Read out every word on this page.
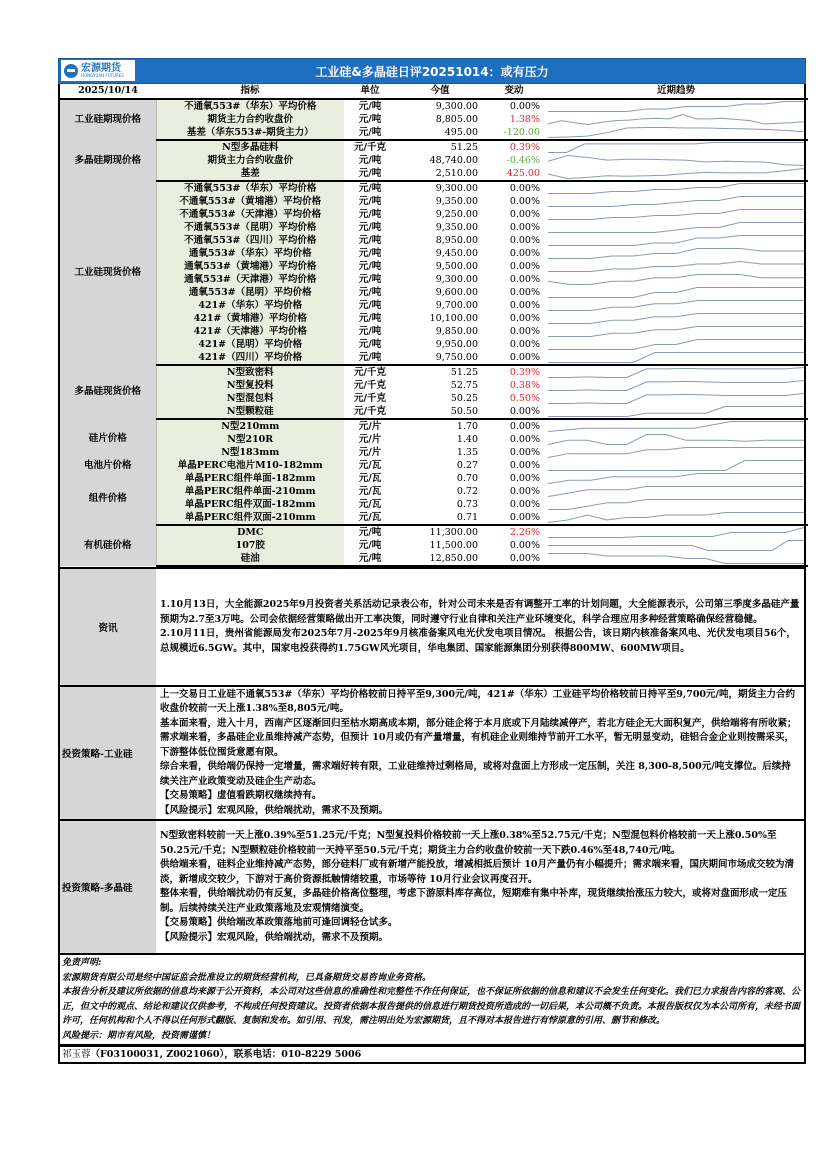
宏源期货
HONGYUAN FUTURES	工业硅&多晶硅日评20251014：或有压力
2025/10/14	指标	单位	今值	变动	近期趋势
工业硅期现价格	不通氧553#（华东）平均价格	元/吨	9,300.00	0.00%	

	期货主力合约收盘价	元/吨	8,805.00	1.38%	

	基差（华东553#-期货主力）	元/吨	495.00	-120.00	

多晶硅期现价格	N型多晶硅料	元/千克	51.25	0.39%	

	期货主力合约收盘价	元/吨	48,740.00	-0.46%	

	基差	元/吨	2,510.00	425.00	

工业硅现货价格	不通氧553#（华东）平均价格	元/吨	9,300.00	0.00%	

	不通氧553#（黄埔港）平均价格	元/吨	9,350.00	0.00%	

	不通氧553#（天津港）平均价格	元/吨	9,250.00	0.00%	

	不通氧553#（昆明）平均价格	元/吨	9,350.00	0.00%	

	不通氧553#（四川）平均价格	元/吨	8,950.00	0.00%	

	通氧553#（华东）平均价格	元/吨	9,450.00	0.00%	

	通氧553#（黄埔港）平均价格	元/吨	9,500.00	0.00%	

	通氧553#（天津港）平均价格	元/吨	9,300.00	0.00%	

	通氧553#（昆明）平均价格	元/吨	9,600.00	0.00%	

	421#（华东）平均价格	元/吨	9,700.00	0.00%	

	421#（黄埔港）平均价格	元/吨	10,100.00	0.00%	

	421#（天津港）平均价格	元/吨	9,850.00	0.00%	

	421#（昆明）平均价格	元/吨	9,950.00	0.00%	

	421#（四川）平均价格	元/吨	9,750.00	0.00%	

多晶硅现货价格	N型致密料	元/千克	51.25	0.39%	

	N型复投料	元/千克	52.75	0.38%	

	N型混包料	元/千克	50.25	0.50%	

	N型颗粒硅	元/千克	50.50	0.00%	

硅片价格	N型210mm	元/片	1.70	0.00%	

	N型210R	元/片	1.40	0.00%	

	N型183mm	元/片	1.35	0.00%	

电池片价格	单晶PERC电池片M10-182mm	元/瓦	0.27	0.00%	

组件价格	单晶PERC组件单面-182mm	元/瓦	0.70	0.00%	

	单晶PERC组件单面-210mm	元/瓦	0.72	0.00%	

	单晶PERC组件双面-182mm	元/瓦	0.73	0.00%	

	单晶PERC组件双面-210mm	元/瓦	0.71	0.00%	

有机硅价格	DMC	元/吨	11,300.00	2.26%	

	107胶	元/吨	11,500.00	0.00%	

	硅油	元/吨	12,850.00	0.00%	
资讯

1.10月13日，大全能源2025年9月投资者关系活动记录表公布，针对公司未来是否有调整开工率的计划问题，大全能源表示，公司第三季度多晶硅产量预期为2.7至3万吨。公司会依据经营策略做出开工率决策，同时遵守行业自律和关注产业环境变化，科学合理应用多种经营策略确保经营稳健。

2.10月11日，贵州省能源局发布2025年7月-2025年9月核准备案风电光伏发电项目情况。 根据公告，该日期内核准备案风电、光伏发电项目56个，总规模近6.5GW。其中，国家电投获得约1.75GW风光项目，华电集团、国家能源集团分别获得800MW、600MW项目。

投资策略-工业硅

上一交易日工业硅不通氧553#（华东）平均价格较前日持平至9,300元/吨，421#（华东）工业硅平均价格较前日持平至9,700元/吨，期货主力合约收盘价较前一天上涨1.38%至8,805元/吨。

基本面来看，进入十月，西南产区逐渐回归至枯水期高成本期，部分硅企将于本月底或下月陆续减停产，若北方硅企无大面积复产，供给端将有所收紧；需求端来看，多晶硅企业虽维持减产态势，但预计 10月或仍有产量增量，有机硅企业则维持节前开工水平，暂无明显变动，硅铝合金企业则按需采买，下游整体低位囤货意愿有限。

综合来看，供给端仍保持一定增量，需求端好转有限，工业硅维持过剩格局，或将对盘面上方形成一定压制，关注 8,300-8,500元/吨支撑位。后续持续关注产业政策变动及硅企生产动态。

【交易策略】虚值看跌期权继续持有。

【风险提示】宏观风险，供给端扰动，需求不及预期。

投资策略-多晶硅

N型致密料较前一天上涨0.39%至51.25元/千克；N型复投料价格较前一天上涨0.38%至52.75元/千克；N型混包料价格较前一天上涨0.50%至50.25元/千克；N型颗粒硅价格较前一天持平至50.5元/千克；期货主力合约收盘价较前一天下跌0.46%至48,740元/吨。

供给端来看，硅料企业维持减产态势，部分硅料厂或有新增产能投放，增减相抵后预计 10月产量仍有小幅提升；需求端来看，国庆期间市场成交较为清淡，新增成交较少，下游对于高价资源抵触情绪较重，市场等待 10月行业会议再度召开。

整体来看，供给端扰动仍有反复，多晶硅价格高位整理，考虑下游原料库存高位，短期难有集中补库，现货继续抬涨压力较大，或将对盘面形成一定压制。后续持续关注产业政策落地及宏观情绪演变。

【交易策略】供给端改革政策落地前可逢回调轻仓试多。

【风险提示】宏观风险，供给端扰动，需求不及预期。

免责声明:

宏源期货有限公司是经中国证监会批准设立的期货经营机构，已具备期货交易咨询业务资格。

本报告分析及建议所依据的信息均来源于公开资料，本公司对这些信息的准确性和完整性不作任何保证，也不保证所依据的信息和建议不会发生任何变化。我们已力求报告内容的客观、公正，但文中的观点、结论和建议仅供参考，不构成任何投资建议。投资者依据本报告提供的信息进行期货投资所造成的一切后果，本公司概不负责。本报告版权仅为本公司所有，未经书面许可，任何机构和个人不得以任何形式翻版、复制和发布。如引用、刊发，需注明出处为宏源期货，且不得对本报告进行有悖原意的引用、删节和修改。

风险提示：期市有风险，投资需谨慎！

祁玉蓉（F03100031, Z0021060），联系电话：010-8229 5006
